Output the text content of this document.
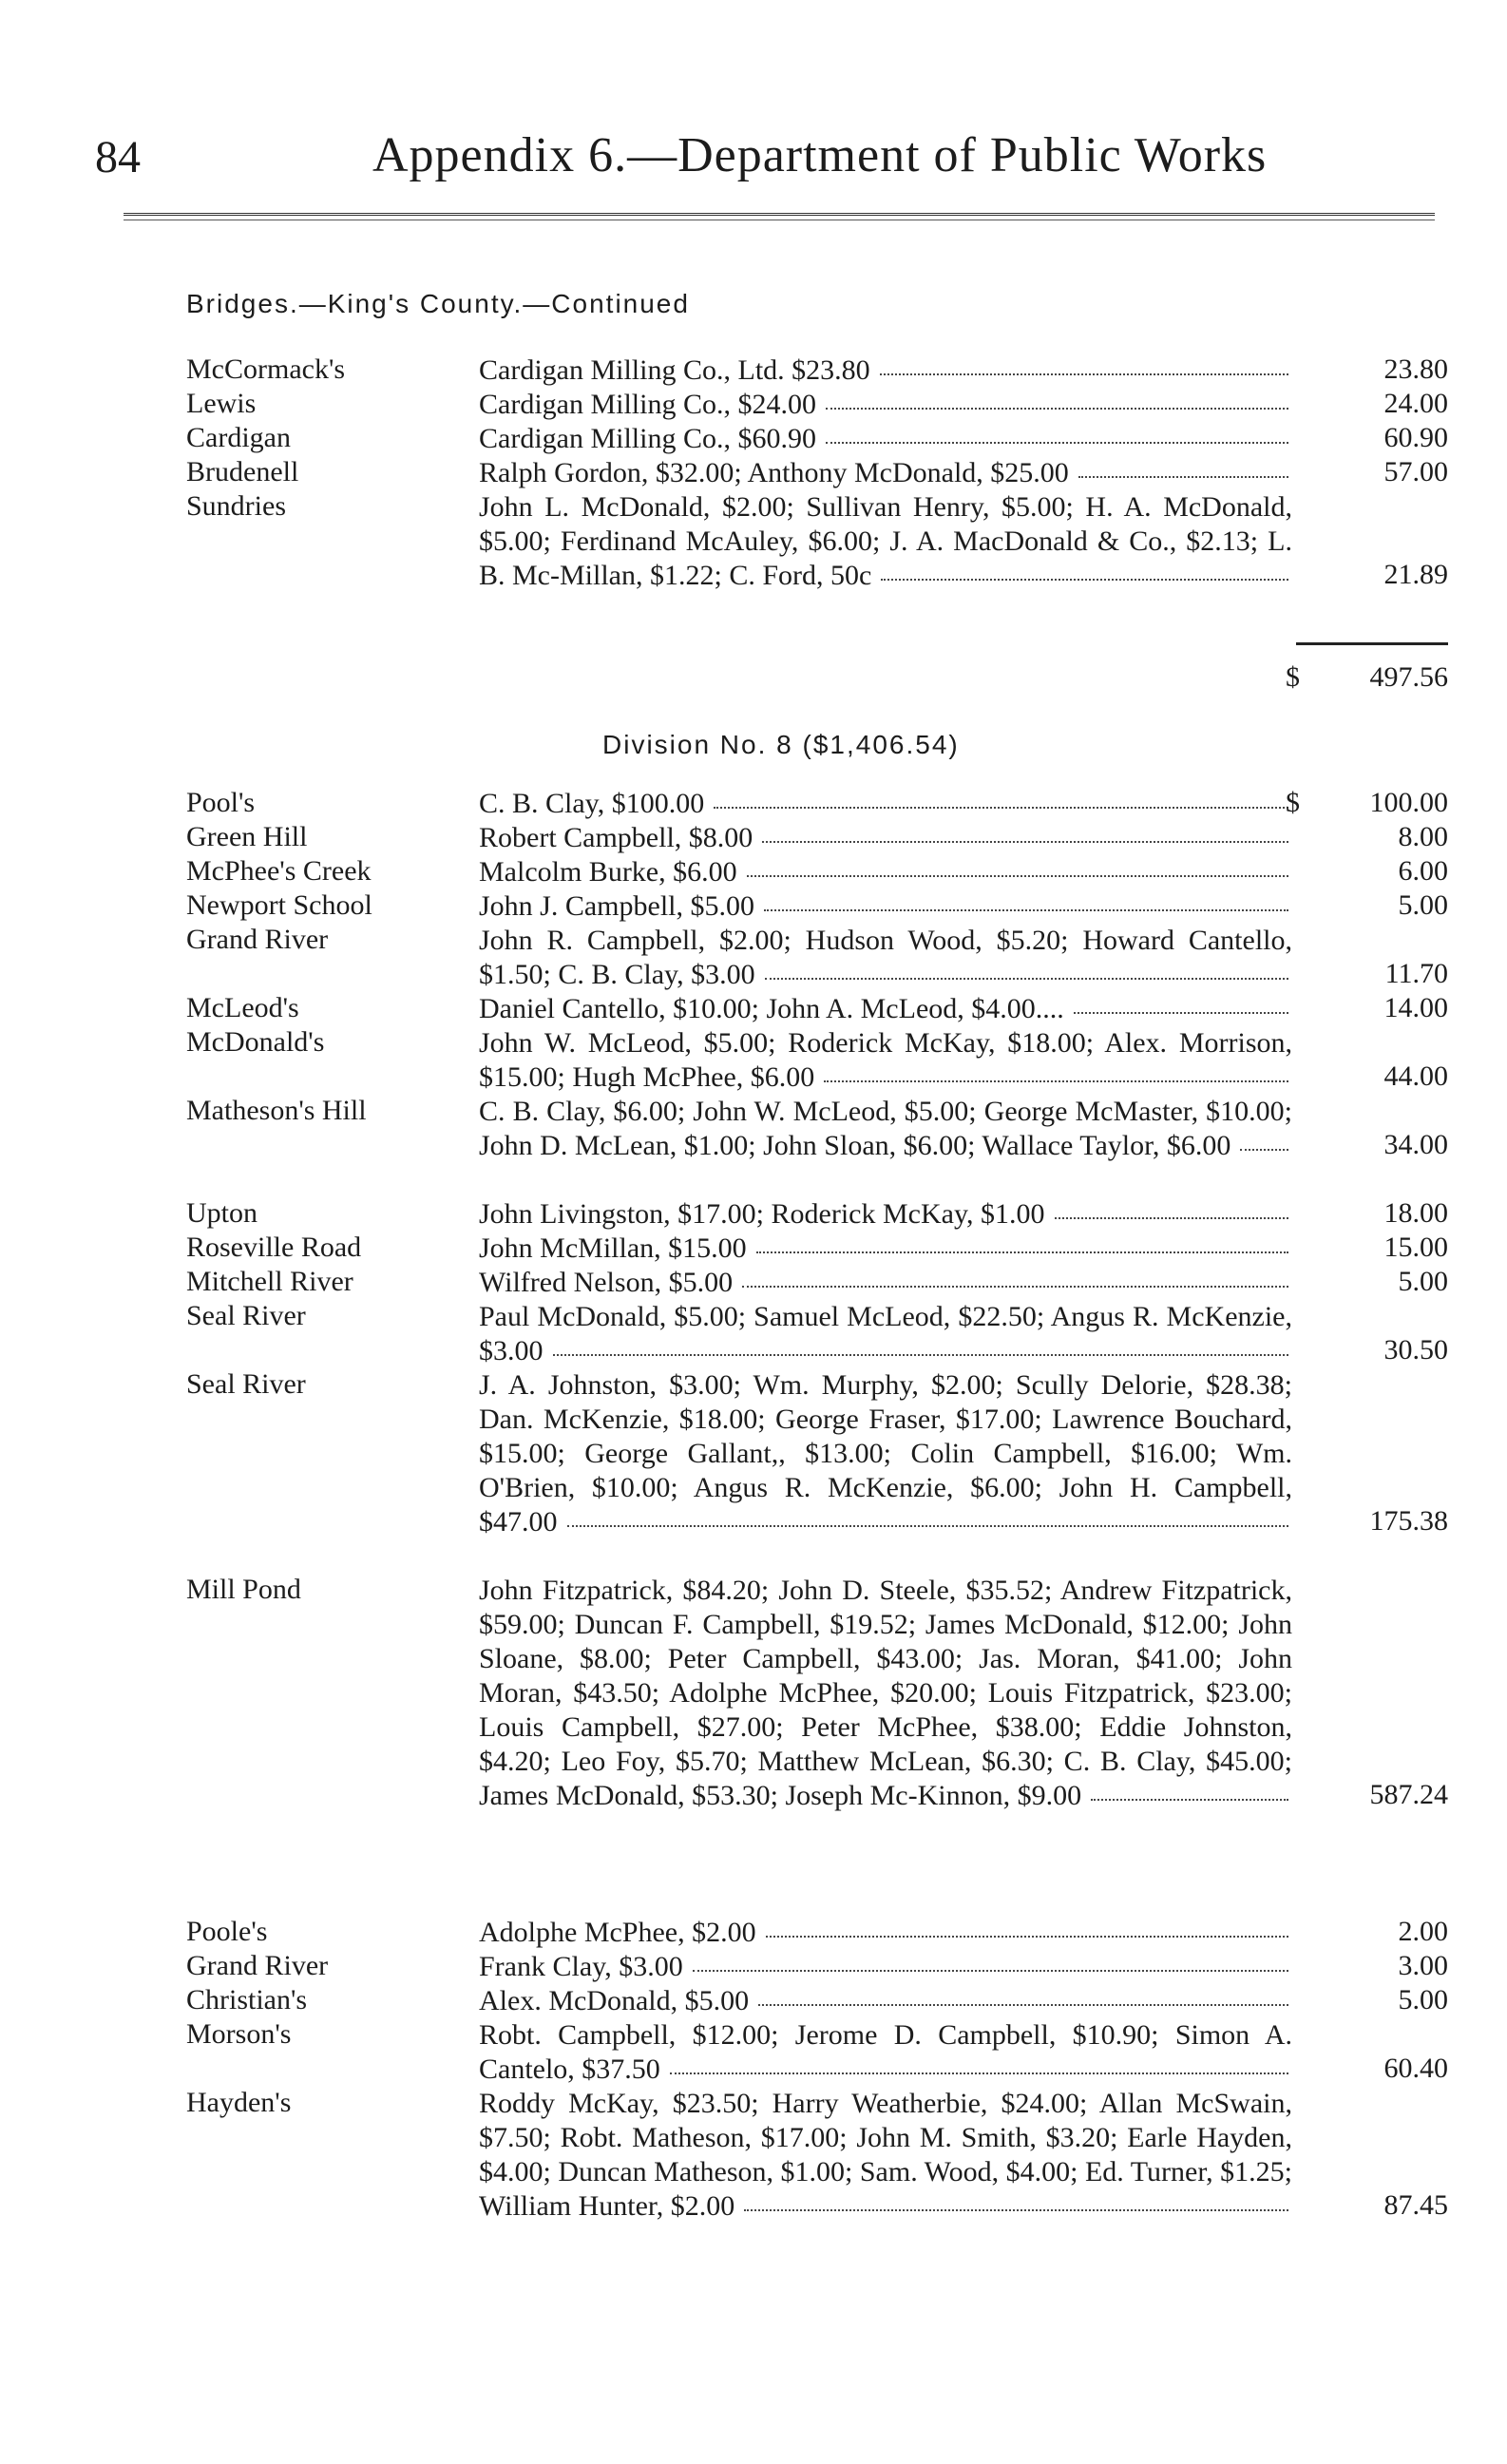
84	Appendix 6.—Department of Public Works
Bridges.—King's County.—Continued
McCormack's	Cardigan Milling Co., Ltd. $23.80	23.80
Lewis	Cardigan Milling Co., $24.00	24.00
Cardigan	Cardigan Milling Co., $60.90	60.90
Brudenell	Ralph Gordon, $32.00; Anthony McDonald, $25.00	57.00
Sundries	John L. McDonald, $2.00; Sullivan Henry, $5.00; H. A. McDonald, $5.00; Ferdinand McAuley, $6.00; J. A. MacDonald & Co., $2.13; L. B. Mc-Millan, $1.22; C. Ford, 50c	21.89
$ 497.56
Division No. 8 ($1,406.54)
Pool's	C. B. Clay, $100.00	100.00
$
Green Hill	Robert Campbell, $8.00	8.00
McPhee's Creek	Malcolm Burke, $6.00	6.00
Newport School	John J. Campbell, $5.00	5.00
Grand River	John R. Campbell, $2.00; Hudson Wood, $5.20; Howard Cantello, $1.50; C. B. Clay, $3.00	11.70
McLeod's	Daniel Cantello, $10.00; John A. McLeod, $4.00....	14.00
McDonald's	John W. McLeod, $5.00; Roderick McKay, $18.00; Alex. Morrison, $15.00; Hugh McPhee, $6.00	44.00
Matheson's Hill	C. B. Clay, $6.00; John W. McLeod, $5.00; George McMaster, $10.00; John D. McLean, $1.00; John Sloan, $6.00; Wallace Taylor, $6.00	34.00
Upton	John Livingston, $17.00; Roderick McKay, $1.00	18.00
Roseville Road	John McMillan, $15.00	15.00
Mitchell River	Wilfred Nelson, $5.00	5.00
Seal River	Paul McDonald, $5.00; Samuel McLeod, $22.50; Angus R. McKenzie, $3.00	30.50
Seal River	J. A. Johnston, $3.00; Wm. Murphy, $2.00; Scully Delorie, $28.38; Dan. McKenzie, $18.00; George Fraser, $17.00; Lawrence Bouchard, $15.00; George Gallant,, $13.00; Colin Campbell, $16.00; Wm. O'Brien, $10.00; Angus R. McKenzie, $6.00; John H. Campbell, $47.00	175.38
Mill Pond	John Fitzpatrick, $84.20; John D. Steele, $35.52; Andrew Fitzpatrick, $59.00; Duncan F. Campbell, $19.52; James McDonald, $12.00; John Sloane, $8.00; Peter Campbell, $43.00; Jas. Moran, $41.00; John Moran, $43.50; Adolphe McPhee, $20.00; Louis Fitzpatrick, $23.00; Louis Campbell, $27.00; Peter McPhee, $38.00; Eddie Johnston, $4.20; Leo Foy, $5.70; Matthew McLean, $6.30; C. B. Clay, $45.00; James McDonald, $53.30; Joseph Mc-Kinnon, $9.00	587.24
Poole's	Adolphe McPhee, $2.00	2.00
Grand River	Frank Clay, $3.00	3.00
Christian's	Alex. McDonald, $5.00	5.00
Morson's	Robt. Campbell, $12.00; Jerome D. Campbell, $10.90; Simon A. Cantelo, $37.50	60.40
Hayden's	Roddy McKay, $23.50; Harry Weatherbie, $24.00; Allan McSwain, $7.50; Robt. Matheson, $17.00; John M. Smith, $3.20; Earle Hayden, $4.00; Duncan Matheson, $1.00; Sam. Wood, $4.00; Ed. Turner, $1.25; William Hunter, $2.00	87.45
